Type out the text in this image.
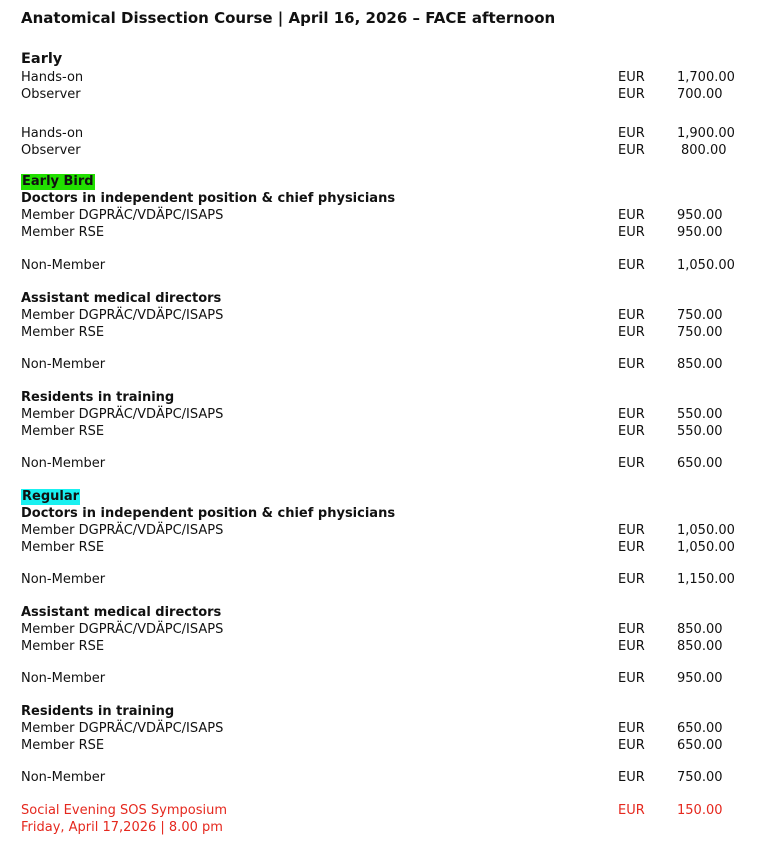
Anatomical Dissection Course | April 16, 2026 – FACE afternoon
Early
Hands-on	EUR 1,700.00
Observer	EUR 700.00
Hands-on	EUR 1,900.00
Observer	EUR	800.00
Early Bird
Doctors in independent position & chief physicians
Member DGPRÄC/VDÄPC/ISAPS	EUR 950.00
Member RSE	EUR 950.00
Non-Member	EUR 1,050.00
Assistant medical directors
Member DGPRÄC/VDÄPC/ISAPS	EUR 750.00
Member RSE	EUR 750.00
Non-Member	EUR 850.00
Residents in training
Member DGPRÄC/VDÄPC/ISAPS	EUR 550.00
Member RSE	EUR 550.00
Non-Member	EUR 650.00
Regular
Doctors in independent position & chief physicians
Member DGPRÄC/VDÄPC/ISAPS	EUR 1,050.00
Member RSE	EUR 1,050.00
Non-Member	EUR 1,150.00
Assistant medical directors
Member DGPRÄC/VDÄPC/ISAPS	EUR 850.00
Member RSE	EUR 850.00
Non-Member	EUR 950.00
Residents in training
Member DGPRÄC/VDÄPC/ISAPS	EUR 650.00
Member RSE	EUR 650.00
Non-Member	EUR 750.00
Social Evening SOS Symposium	EUR 150.00
Friday, April 17,2026 | 8.00 pm
